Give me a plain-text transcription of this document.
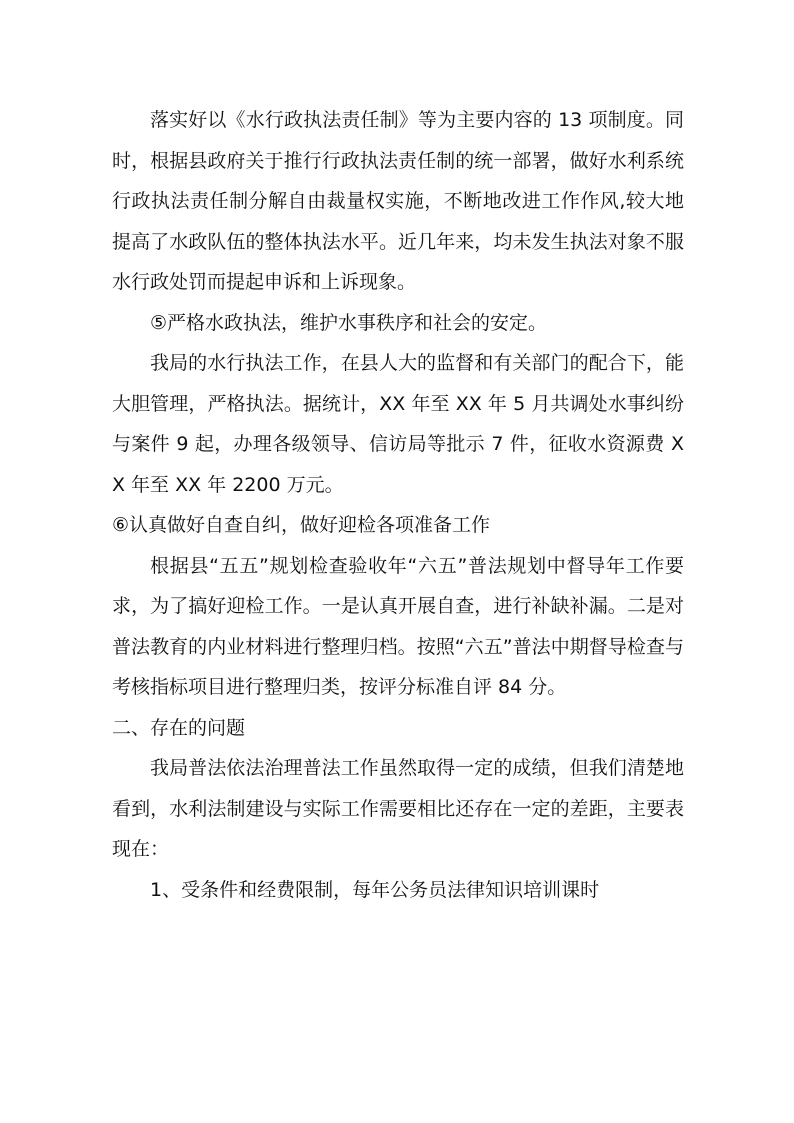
落实好以《水行政执法责任制》等为主要内容的 13 项制度。同时，根据县政府关于推行行政执法责任制的统一部署，做好水利系统行政执法责任制分解自由裁量权实施，不断地改进工作作风,较大地提高了水政队伍的整体执法水平。近几年来，均未发生执法对象不服水行政处罚而提起申诉和上诉现象。

⑤严格水政执法，维护水事秩序和社会的安定。

我局的水行执法工作，在县人大的监督和有关部门的配合下，能大胆管理，严格执法。据统计，XX 年至 XX 年 5 月共调处水事纠纷与案件 9 起，办理各级领导、信访局等批示 7 件，征收水资源费 XX 年至 XX 年 2200 万元。

⑥认真做好自查自纠，做好迎检各项准备工作

根据县“五五”规划检查验收年“六五”普法规划中督导年工作要求，为了搞好迎检工作。一是认真开展自查，进行补缺补漏。二是对普法教育的内业材料进行整理归档。按照“六五”普法中期督导检查与考核指标项目进行整理归类，按评分标准自评 84 分。

二、存在的问题

我局普法依法治理普法工作虽然取得一定的成绩，但我们清楚地看到，水利法制建设与实际工作需要相比还存在一定的差距，主要表现在：

1、受条件和经费限制，每年公务员法律知识培训课时
